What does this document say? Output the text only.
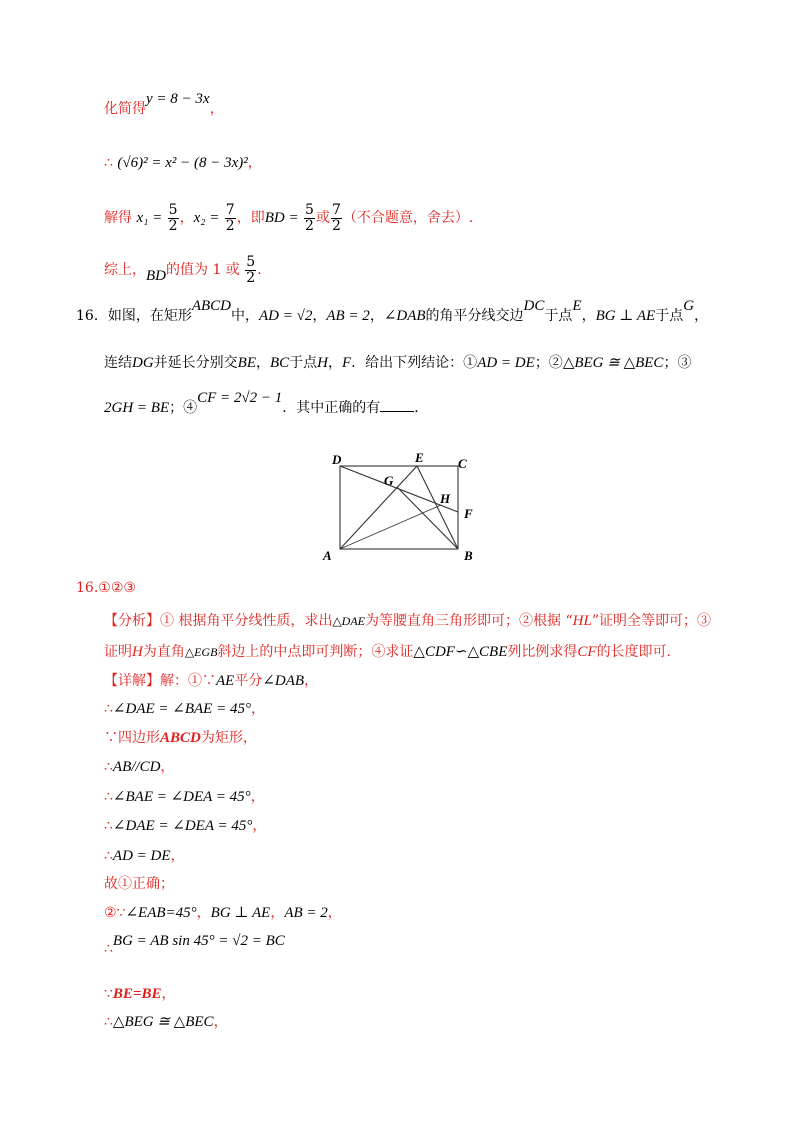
化简得y = 8 − 3x，
∴ (√6)² = x² − (8 − 3x)²，
解得 $x_1 = \frac{5}{2}$ ，$x_2 = \frac{7}{2}$ ，即BD = $\frac{5}{2}$ 或 $\frac{7}{2}$ （不合题意，舍去）.
综上，BD的值为 1 或 $\frac{5}{2}$ .
16．如图，在矩形ABCD中，AD = √2，AB = 2，∠DAB的角平分线交边DC于点E，BG ⊥ AE于点G，
连结DG并延长分别交BE，BC于点H，F．给出下列结论：①AD = DE；②△BEG ≅ △BEC；③
2GH = BE；④CF = 2√2 − 1．其中正确的有 ．
D	E	C
G
H
F
A	B
16.①②③
【分析】① 根据角平分线性质，求出△DAE为等腰直角三角形即可；②根据 “HL”证明全等即可；③
证明H为直角△EGB斜边上的中点即可判断；④求证△CDF∽△CBE列比例求得CF的长度即可.
【详解】解：①∵AE平分∠DAB，
∴∠DAE = ∠BAE = 45°，
∵四边形ABCD为矩形，
∴AB//CD，
∴∠BAE = ∠DEA = 45°，
∴∠DAE = ∠DEA = 45°，
∴AD = DE，
故①正确；
②∵∠EAB=45°，BG ⊥ AE，AB = 2，
∴BG = AB sin 45° = √2 = BC
∵BE=BE，
∴△BEG ≅ △BEC，
